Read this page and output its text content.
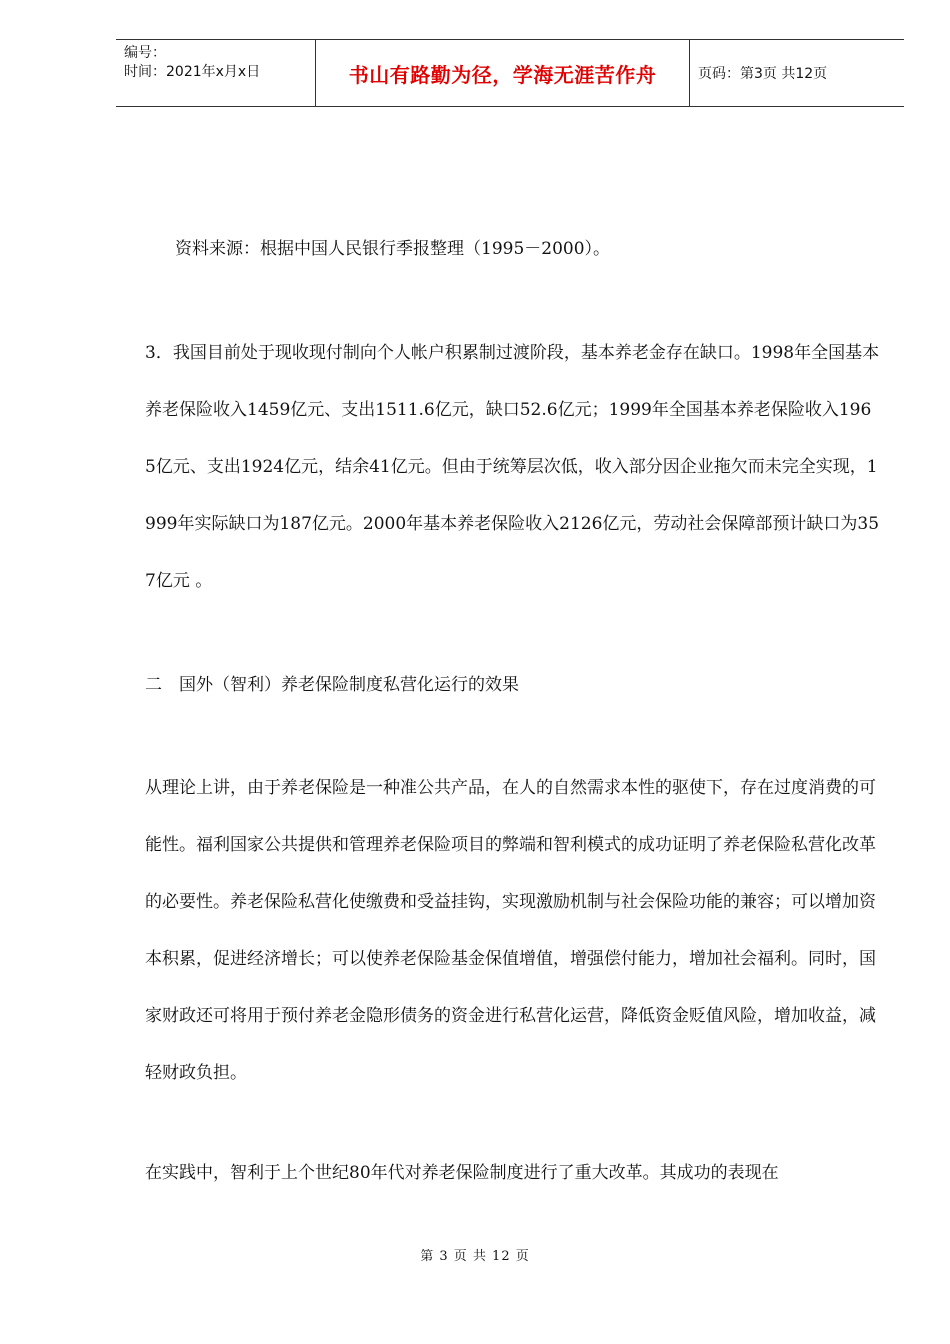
编号：
时间：2021年x月x日	书山有路勤为径，学海无涯苦作舟	页码：第3页 共12页

资料来源：根据中国人民银行季报整理（1995－2000）。

3．我国目前处于现收现付制向个人帐户积累制过渡阶段，基本养老金存在缺口。1998年全国基本养老保险收入1459亿元、支出1511.6亿元，缺口52.6亿元；1999年全国基本养老保险收入1965亿元、支出1924亿元，结余41亿元。但由于统筹层次低，收入部分因企业拖欠而未完全实现，1999年实际缺口为187亿元。2000年基本养老保险收入2126亿元，劳动社会保障部预计缺口为357亿元 。

二　国外（智利）养老保险制度私营化运行的效果

从理论上讲，由于养老保险是一种准公共产品，在人的自然需求本性的驱使下，存在过度消费的可能性。福利国家公共提供和管理养老保险项目的弊端和智利模式的成功证明了养老保险私营化改革的必要性。养老保险私营化使缴费和受益挂钩，实现激励机制与社会保险功能的兼容；可以增加资本积累，促进经济增长；可以使养老保险基金保值增值，增强偿付能力，增加社会福利。同时，国家财政还可将用于预付养老金隐形债务的资金进行私营化运营，降低资金贬值风险，增加收益，减轻财政负担。

在实践中，智利于上个世纪80年代对养老保险制度进行了重大改革。其成功的表现在

第 3 页 共 12 页
